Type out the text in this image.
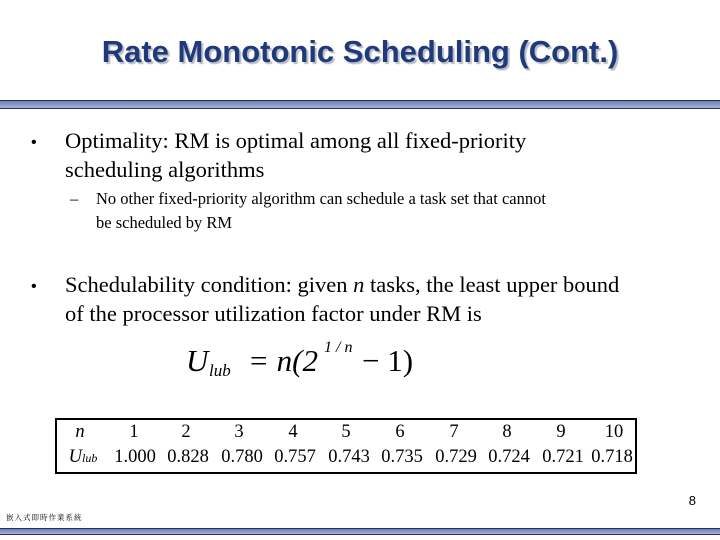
Rate Monotonic Scheduling (Cont.)
• Optimality: RM is optimal among all fixed-priority
scheduling algorithms
– No other fixed-priority algorithm can schedule a task set that cannot
be scheduled by RM
• Schedulability condition: given n tasks, the least upper bound
of the processor utilization factor under RM is
U lub = n(2 1 / n − 1)
n	1	2	3	4	5	6	7	8	9	10
Ulub 1.000 0.828 0.780 0.757 0.743 0.735 0.729 0.724 0.721 0.718
8
嵌入式即時作業系統
